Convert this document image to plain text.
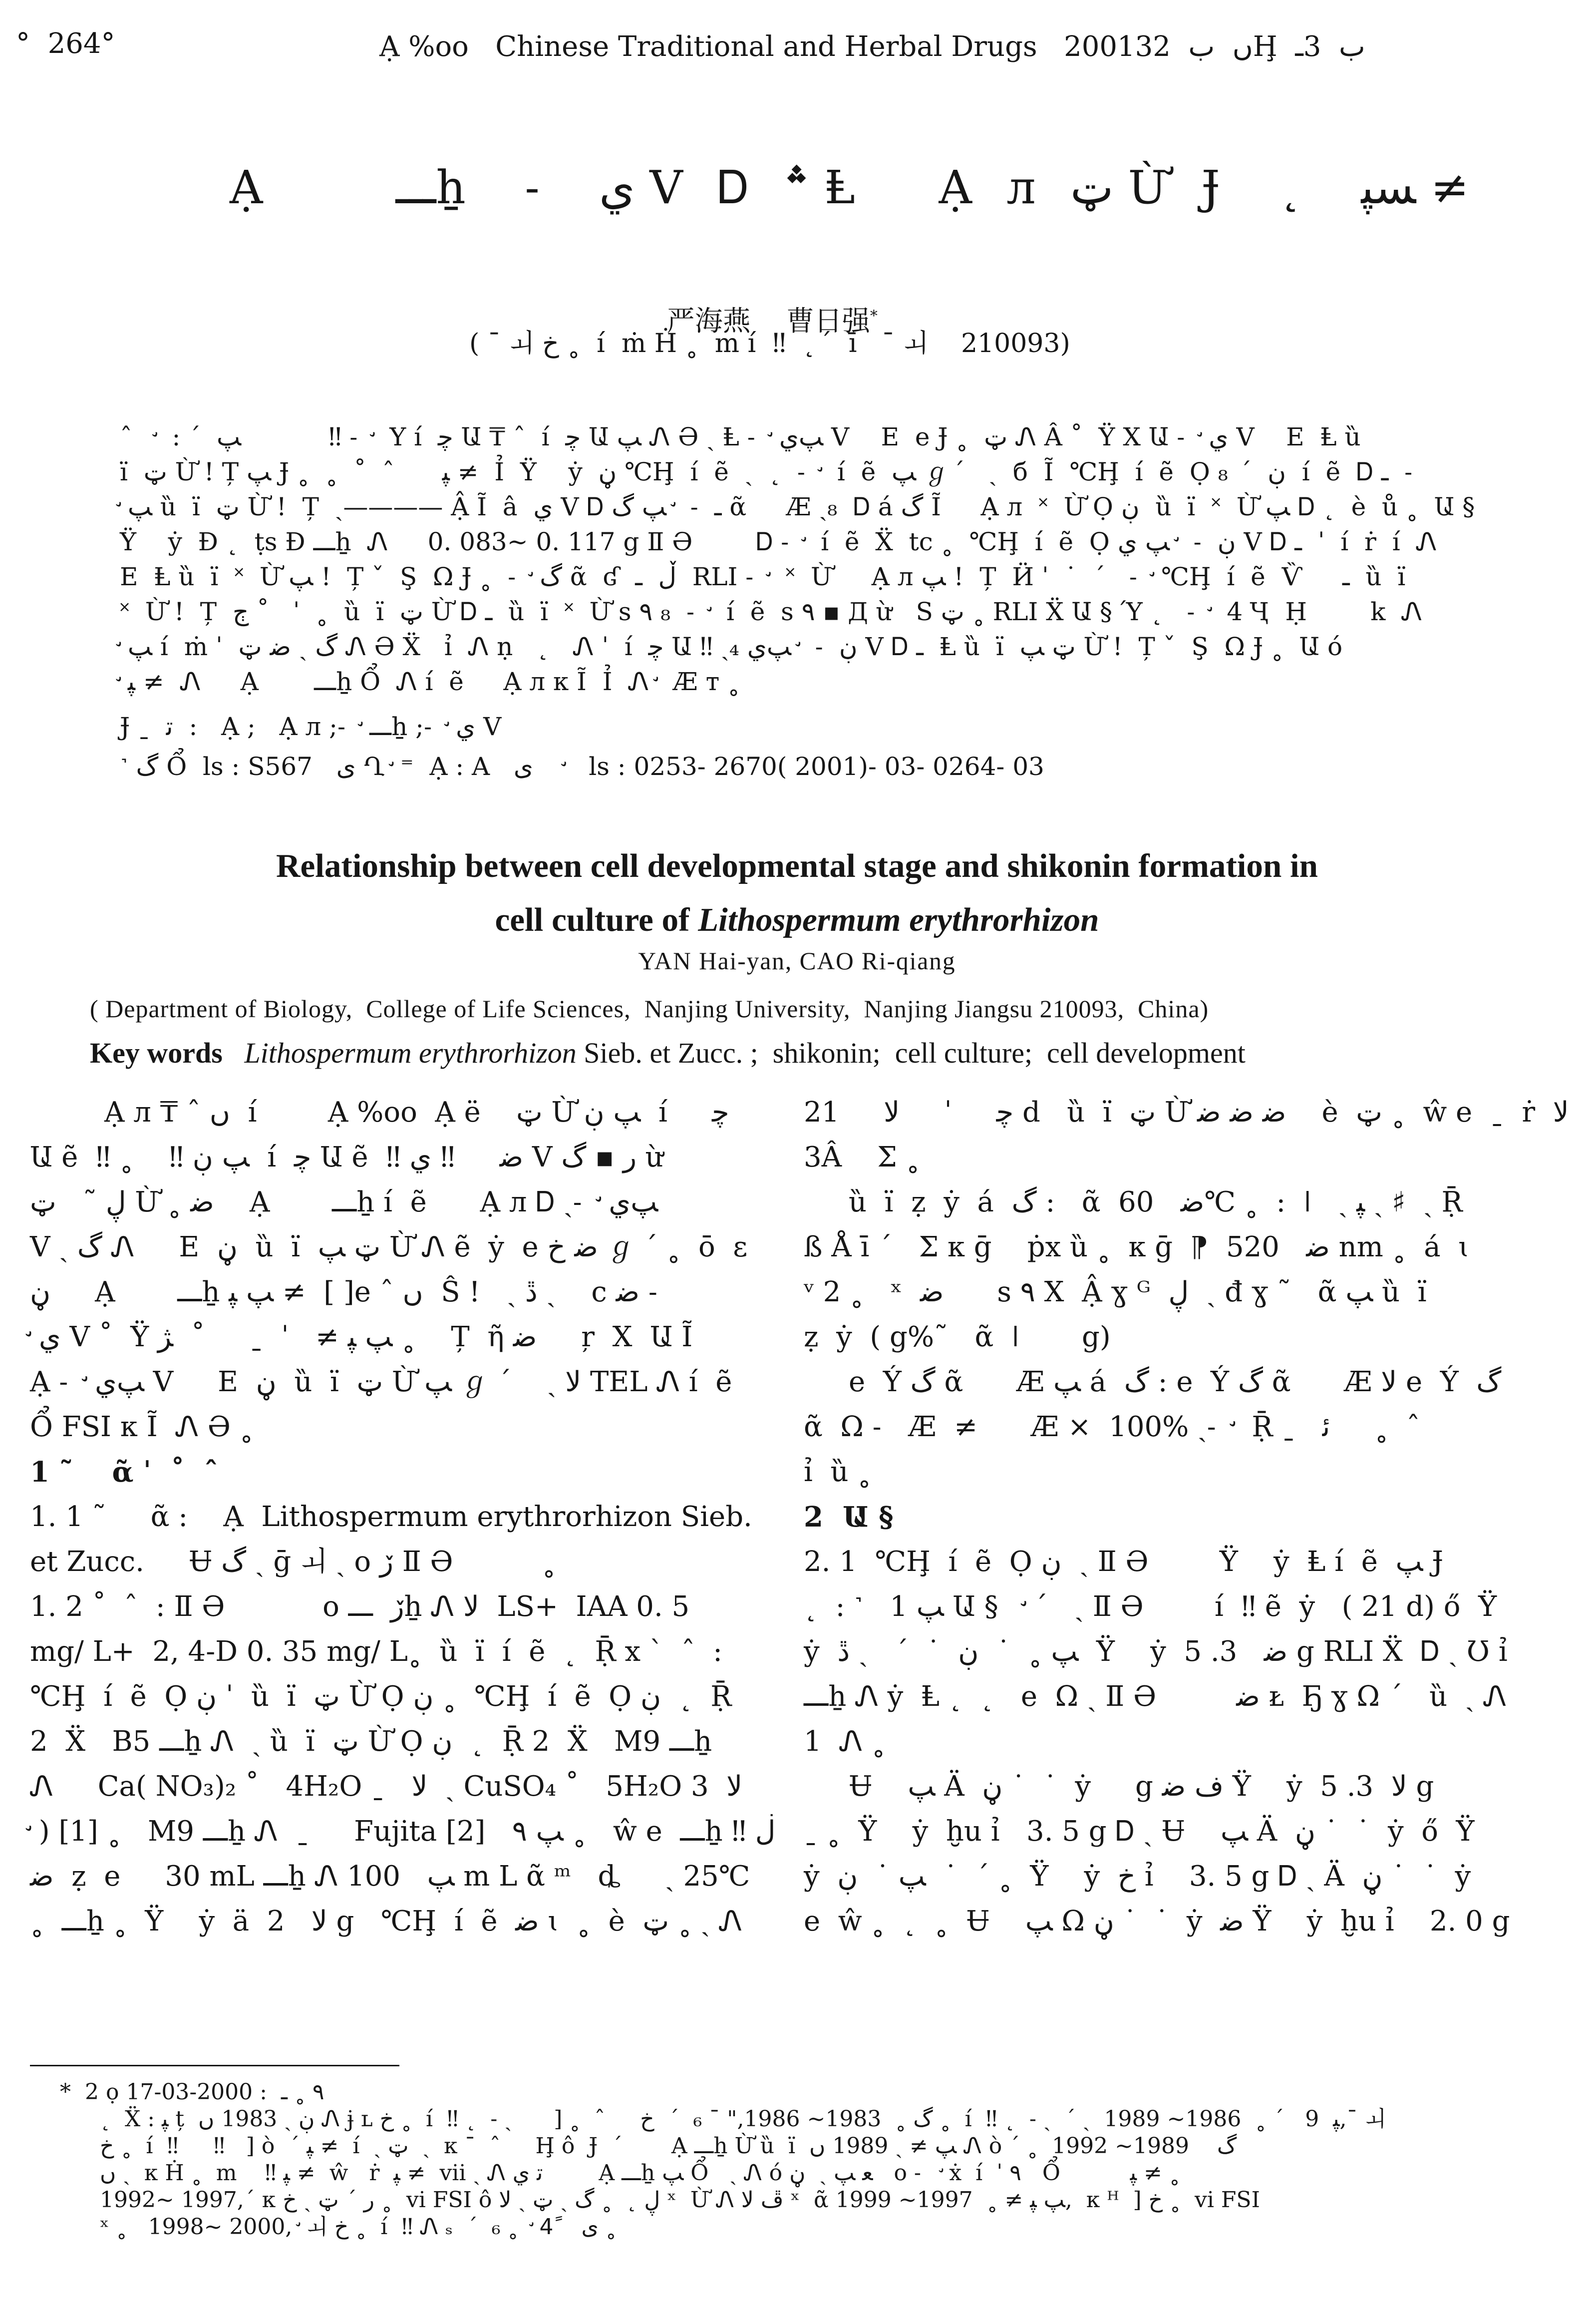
°  264°	Ạ %oo   Chinese Traditional and Herbal Drugs   2001ں  ب  32Ḩ  ب  3ـ
Ạ     ـــẖ  ˗  ي V Ꭰ ؞ Ⱡ   Ạ л ټ Ừ Ɉ  ˛  ﺴﭙ ≠

严海燕    曹日强*

( ˉ ㅚ خ ˳  í  ṁ Ḣ ˳  m í  ‼  ˛  ́  ī   ˉ ㅚ    210093)
ˆ    ̛ : ˊ  ﭗ           ‼ ˗   ̛ Y í  ﭼ Ա ₸ ˆ  í  ﭼ Ա ﭗ Ꮑ Ə ˏ Ⱡ ˗  ̛ ﭗي V    E  e Ɉ ˳  ټ Ꮑ Â ˚  Ÿ X Ա ˗  ̛ ي V    E  Ⱡ ȕ
ı̈  ټ Ừ ! Ț ﭗ Ɉ ˳  ˳  ˚  ˆ      ﭙ ≠  Ỉ  Ÿ    ẏ  ڼ ℃Ḩ  í  ẽ  ˏ  ˛  ˗  ̛  í  ẽ  ﭗ ℊ   ́  ˏ  б  Ĩ  ℃Ḩ  í  ẽ  Ọ ڹ  ́   ₈  í  ẽ  Ꭰ ـ  ˗
̛ ﭗ ȕ  ı̈  ټ Ừ !  Ț  ˏ———— Ậ Ĩ  â  ي V Ꭰ ـ  ˗  ̛ ﭗ گ ᾶ     Æ ˏ₈  Ꭰ á گ Ĩ     Ạ л  ˟  Ừ Ọ ڹ  ȕ  ı̈  ˟  Ừ ﭗ Ꭰ ˛  è  ů ˳  Ա §
Ÿ    ẏ  Ð ˛  ṭs Ð ـــẖ  Ꮑ     0. 083~ 0. 117 g Ⅱ Ə        Ꭰ ˗  ̛  í  ẽ  Ẍ  tc ˳  ℃Ḩ  í  ẽ  Ọ ڹ  ˗  ̛ ﭗ ي V Ꭰ ـ  ˈ  í  ṙ  í  Ꮑ
E  Ⱡ ȕ  ı̈  ˟  Ừ ﭗ !  Ț ˇ  Ş  Ω Ɉ ˳  ˗  ̛ گ ᾶ  ʛ  ڵ  ـ  RLI ˗  ̛  ˟  Ừ     Ạ л ﭗ !  Ț  Ӥ ˈ  ˙  ˊ   ˗  ̛ ℃Ḩ  í  ẽ  Ѷ     ـ  ȕ  ı̈
˟  Ừ !  Ț  ڄ ˚   ˈ  ˳  ȕ  ı̈  ټ Ừ Ꭰ ـ  ȕ  ı̈  ˟  Ừ s ٩ ₈  ˗  ̛  í  ẽ  s ٩ ▪ Д ừ   S ټ ˳ RLI Ẍ Ա § Ύ ˛   ˗  ̛  4 Ҷ  Ḥ        k  Ꮑ
̛ ﭗ í  ṁ ˈ  گ ˏ ﺿ ټ Ꮑ Ə Ẍ   ỉ  Ꮑ ṇ   ˛   Ꮑ ˈ  í  ﭼ Ա ‼ ˏ₄ ڹ  ˗  ̛ ﭗي V Ꭰ ـ  Ⱡ ȕ  ı̈  ټ ﭗ Ừ !  Ț ˇ  Ş  Ω Ɉ ˳  Ա ó
̛ ﭙ ≠  Ꮑ     Ạ       ـــẖ Ổ  Ꮑ í  ẽ     Ạ л к Ĩ  Ỉ  Ꮑ ̛  Æ т ˳
Ɉ ˍ  ﺗ  :   Ạ ;   Ạ л ;˗  ̛ ـــẖ ;˗  ̛ ي V
˺ گ Ổ  ls : S567   ی Ղ ̛ ⁼  Ạ : A   ی     ̛  ls : 0253- 2670( 2001)- 03- 0264- 03
Relationship between cell developmental stage and shikonin formation in
cell culture of Lithospermum erythrorhizon
YAN Hai-yan, CAO Ri-qiang
( Department of Biology,  College of Life Sciences,  Nanjing University,  Nanjing Jiangsu 210093,  China)
Key words Lithospermum erythrorhizon Sieb. et Zucc. ;  shikonin;  cell culture;  cell development
Ạ л ₸ ˆ ں  í        Ạ %oo  Ạ ë    ټ Ừ ﭗ ڹ  í     ﭼ
Ա ẽ  ‼ ˳    ‼ ﭗ ڹ  í  ﭼ Ա ẽ  ‼ ﺿ     ‼ ي V ﺭ ▪ گ ừ
ڸ ˜   ټ Ừ ˳ ﺿ    Ạ       ـــẖ í  ẽ      Ạ л Ꭰ ˏ˗  ̛ ﭗي
V ˏ گ Ꮑ     E  ڼ  ȕ  ı̈  ټ ﭗ Ừ Ꮑ ẽ  ẏ  e ﺿ خ ℊ ˊ ˳  ō  ε
ڼ     Ạ       ـــẖ ﭗ ﭙ ≠  [ ]e ˆ ں  Ŝ !   ˏ ڐ ˏ    c ﺿ ˗
̛ ي V ˚  Ÿ ﭗ ﭙ ≠   ˈ  ˍ     ˚  ﮋ ˳    Ț  ῆ ﺿ     ŗ  X  Ա Ĩ
Ạ ˗  ̛ ﭗي V     E  ڼ  ȕ  ı̈  ټ Ừ ﭗ ℊ ˊ    ˏ ﻻ TEL Ꮑ í  ẽ
Ổ FSI к Ĩ  Ꮑ Ə ˳
1 ˜    ᾶ ˈ  ˚  ˆ
1. 1 ˜     ᾶ :    Ạ  Lithospermum erythrorhizon Sieb.
et Zucc.     Ʉ گ ˏ ḡ ㅚ ˏ o ڒ Ⅱ Ə          ˳
1. 2 ˚  ˆ  : Ⅱ Ə           o ڒ  ـــẖ Ꮑ ﻻ  LS+  IAA 0. 5
mg/ L+  2, 4-D 0. 35 mg/ L˳  ȕ  ı̈  í  ẽ  ˛  Ṝ x ˋ  ˆ  :
℃Ḩ  í  ẽ  Ọ ڹ ˈ  ȕ  ı̈  ټ Ừ Ọ ڹ ˳  ℃Ḩ  í  ẽ  Ọ ڹ  ˛  Ṝ
2  Ẍ   B5 ـــẖ Ꮑ  ˏ ȕ  ı̈  ټ Ừ Ọ ڹ  ˛  Ṝ 2  Ẍ   M9 ـــẖ
Ꮑ     Ca( NO₃)₂ ˚   4H₂O ˍ   ﻻ  ˏ CuSO₄ ˚   5H₂O ﻻ  3
̛ ) [1] ˳   M9 ـــẖ Ꮑ  ˍ     Fujita ﭗ ٩   [2] ˳   ŵ e  ـــẖ ‼ ڶ
ﺿ  ẓ  e     30 mL ـــẖ Ꮑ ﭗ   100 m L ᾶ ᵐ   ȡ     ˏ 25℃
˳  ـــẖ ˳  Ÿ    ẏ  ä  ﻻ   2 g   ℃Ḩ  í  ẽ  ﺿ ɩ  ˳  è  ټ ˳ ˏ Ꮑ
ﭼ     ˈ     ﻻ     21 d   ȕ  ı̈  ټ Ừ ﺿ ﺿ ﺿ    è  ټ ˳  ŵ e  ˍ  ṙ  ﻻ
3Â    Σ ˳
ȕ  ı̈  ẓ  ẏ  á  گ :   ᾶ  ﺿ   60℃ ˳  :  ǀ   ˏ ﭙ ˏ ♯  ˏ Ṝ
ß Å ī ˊ   Σ к ḡ    ṗx ȕ ˳  к ḡ  ⁋  ﺿ   520 nm ˳  á  ɩ
ᵛ 2 ˳   ˣ  ﺿ      s ٩ Χ  Ậ ɣ ᴳ  ڸ  ˏ đ ɣ ˜   ᾶ ﭗ ȕ  ı̈
ẓ  ẏ  ( g%˜   ᾶ  ǀ       g)
e  Ý گ ᾶ      Æ ﭗ á  گ : e  Ý گ ᾶ      Æ ﻻ e  Ý  گ
ᾶ  Ω ˗   Æ  ≠      Æ ×  100% ˏ˗  ̛  Ṝ ˍ   ﺋ     ˳  ˆ
ỉ  ȕ ˳
2  Ա §
2. 1  ℃Ḩ  í  ẽ  Ọ ڹ  ˏ Ⅱ Ə        Ÿ    ẏ  Ⱡ í  ẽ  ﭗ Ɉ
˛  : ˺   1 ﭗ Ա §   ̛ ˊ   ˏ Ⅱ Ə        í  ‼ ẽ  ẏ   ( 21 d) ő  Ÿ
ẏ  ﭗ ˳  ˙  ڹ  ˙  ˊ   ˏ ڐ  Ÿ    ẏ  ﺿ   3. 5 g RLI Ẍ  Ꭰ ˏ Ʊ ỉ
ـــẖ Ꮑ ẏ  Ⱡ ˛  ˛   e  Ω ˏ Ⅱ Ə         ﺿ ᴌ  Ҕ ɣ Ω ˊ   ȕ  ˏ Ꮑ
1  Ꮑ ˳
Ʉ    ﭗ Ä  ڼ ˙  ˙  ẏ     g ﻑ ﺿ Ÿ    ẏ  ﻻ  3. 5 g
ˍ ˳  Ÿ    ẏ  ḫu ỉ   3. 5 g Ꭰ ˏ Ʉ    ﭗ Ä  ڼ ˙  ˙  ẏ  ő  Ÿ
ẏ  ﭗ ˙  ڹ  ˙  ˊ ˳  Ÿ    ẏ  خ ỉ    3. 5 g Ꭰ ˏ Ä  ڼ ˙  ˙  ẏ
e  ŵ ˳  ˛  ˳  Ʉ    ﭗ Ω ڼ ˙  ˙  ẏ  ﺿ Ÿ    ẏ  ḫu ỉ    2. 0 g
*  2 ọ ٩ ˳ ـ  : 2000-03-17
˛  Ẍ : ﭙ ț  ڹ ˏ 1983 ں Ꮑ ɉ ʟ خ ˳  í  ‼ ˛  ˗ ˏ      ] ˳  ˆ     گ ˳  1983~ 1986," ˉ ₆  ˊ  خ ˳  í  ‼ ˛  ˗ ˏ  ˊ ˏ  ﭙ  9   ˊ ˳  1986~ 1989,ˉ ㅚ
خ ˳  í  ‼     ‼   ] ò  ˊ ﭙ ≠  í  ˏ ټ  ˏ  к ˉ  ˆ     Ḩ ô  Ɉ  ˊ       Ạ ـــẖ Ừ ȕ  ı̈  ﭗ ≠ ˏ 1989 ں Ꮑ ò ˊ ˳  گ    1989~ 1992
ں ˏ  к Ḣ ˳  m    ‼ ﭙ ≠  ŵ   ṙ  ﭙ ≠  vii ˏ Ꮑ ﺗ ي        Ạ ـــẖ ﭗ Ổ   ˏ Ꮑ ó ﻌ ﭗ ˏ  ڼ   o ˗   ̛ ẋ  í  ˈ ٩   Ổ          ﭙ ≠ ˳
1992~ 1997,ˊ к ر ˊ ټ ˏ خ ˳  vi FSI ô ڸ ˛  ˳ گ ˏ ټ ˏ ﻻ ˣ  Ừ Ꮑ ڦ ﻻ ˣ  ᾶ ﭗ ﭙ ≠ ˳  1997~ 1999,  к ᴴ  ] خ ˳  vi FSI
ˣ ˳   1998~ 2000, ̛ ㅚ خ ˳  í  ‼ Ꮑ ₛ  ˊ  ₆ ˳  ̛ ی    4ً ˳
